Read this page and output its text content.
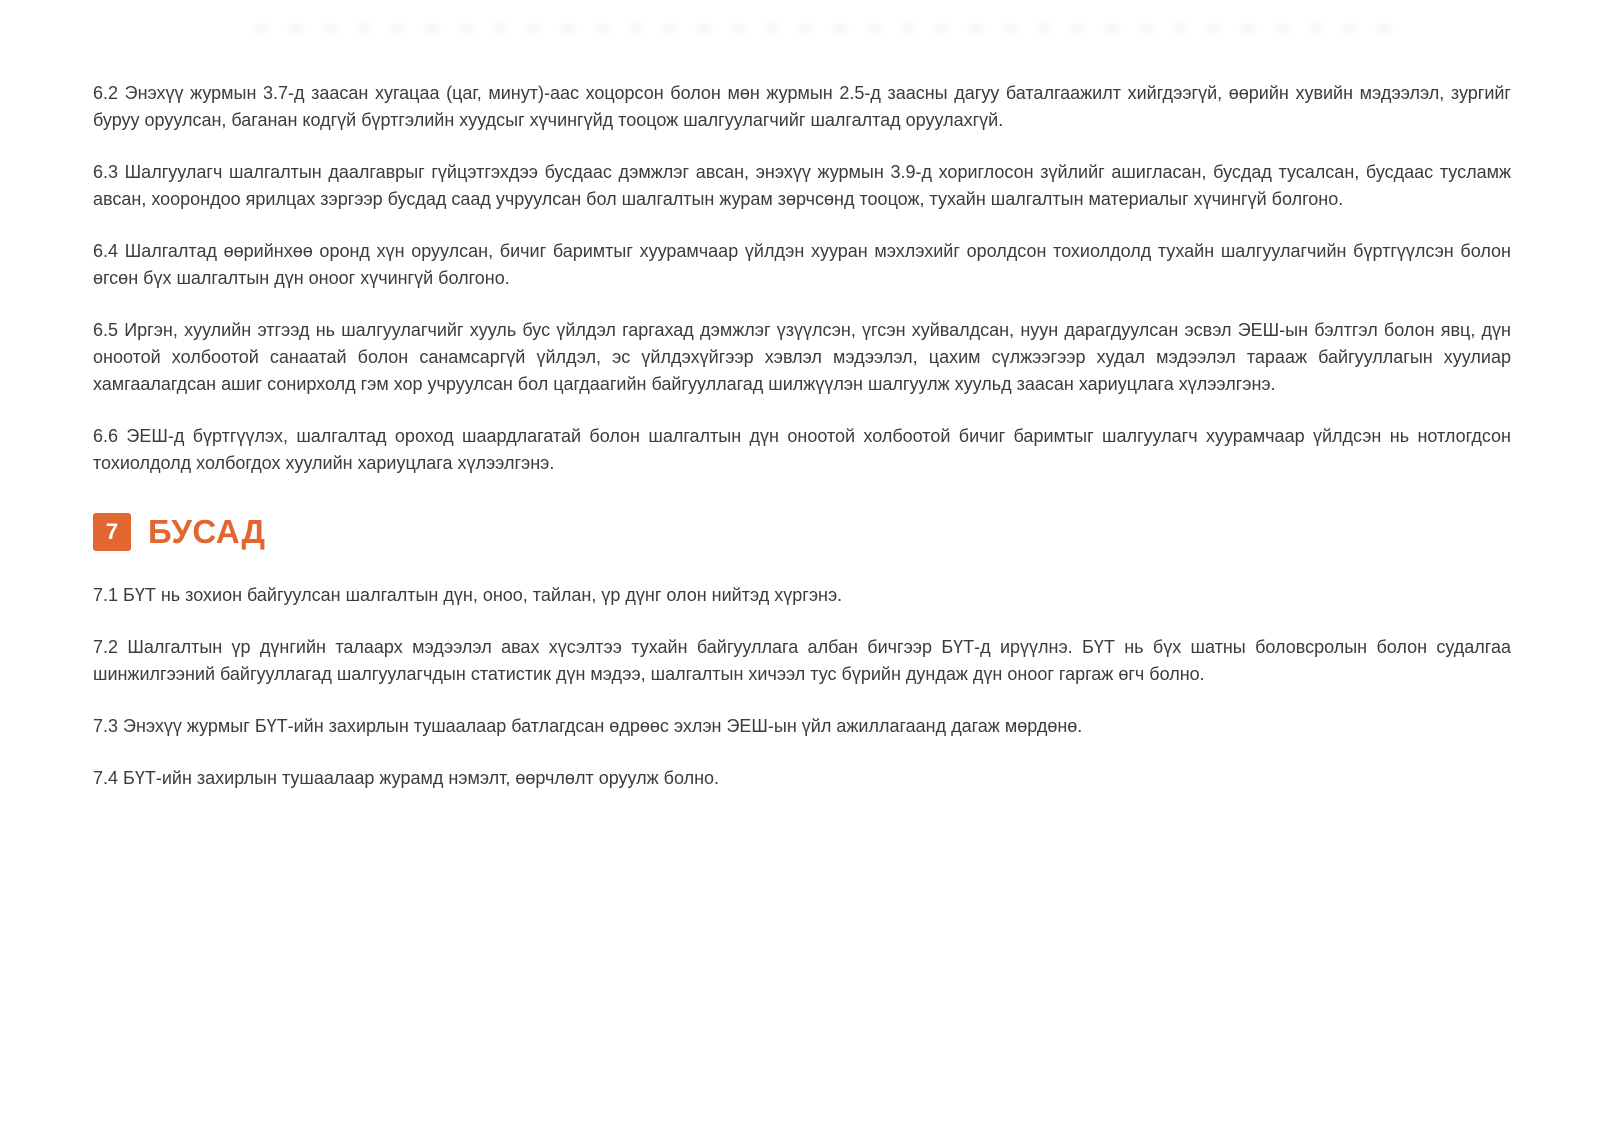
6.2 Энэхүү журмын 3.7-д заасан хугацаа (цаг, минут)-аас хоцорсон болон мөн журмын 2.5-д заасны дагуу баталгаажилт хийгдээгүй, өөрийн хувийн мэдээлэл, зургийг буруу оруулсан, баганан кодгүй бүртгэлийн хуудсыг хүчингүйд тооцож шалгуулагчийг шалгалтад оруулахгүй.

6.3 Шалгуулагч шалгалтын даалгаврыг гүйцэтгэхдээ бусдаас дэмжлэг авсан, энэхүү журмын 3.9-д хориглосон зүйлийг ашигласан, бусдад тусалсан, бусдаас тусламж авсан, хоорондоо ярилцах зэргээр бусдад саад учруулсан бол шалгалтын журам зөрчсөнд тооцож, тухайн шалгалтын материалыг хүчингүй болгоно.

6.4 Шалгалтад өөрийнхөө оронд хүн оруулсан, бичиг баримтыг хуурамчаар үйлдэн хууран мэхлэхийг оролдсон тохиолдолд тухайн шалгуулагчийн бүртгүүлсэн болон өгсөн бүх шалгалтын дүн оноог хүчингүй болгоно.

6.5 Иргэн, хуулийн этгээд нь шалгуулагчийг хууль бус үйлдэл гаргахад дэмжлэг үзүүлсэн, үгсэн хуйвалдсан, нуун дарагдуулсан эсвэл ЭЕШ-ын бэлтгэл болон явц, дүн оноотой холбоотой санаатай болон санамсаргүй үйлдэл, эс үйлдэхүйгээр хэвлэл мэдээлэл, цахим сүлжээгээр худал мэдээлэл тарааж байгууллагын хуулиар хамгаалагдсан ашиг сонирхолд гэм хор учруулсан бол цагдаагийн байгууллагад шилжүүлэн шалгуулж хуульд заасан хариуцлага хүлээлгэнэ.

6.6 ЭЕШ-д бүртгүүлэх, шалгалтад ороход шаардлагатай болон шалгалтын дүн оноотой холбоотой бичиг баримтыг шалгуулагч хуурамчаар үйлдсэн нь нотлогдсон тохиолдолд холбогдох хуулийн хариуцлага хүлээлгэнэ.

7 БУСАД

7.1 БҮТ нь зохион байгуулсан шалгалтын дүн, оноо, тайлан, үр дүнг олон нийтэд хүргэнэ.

7.2 Шалгалтын үр дүнгийн талаарх мэдээлэл авах хүсэлтээ тухайн байгууллага албан бичгээр БҮТ-д ирүүлнэ. БҮТ нь бүх шатны боловсролын болон судалгаа шинжилгээний байгууллагад шалгуулагчдын статистик дүн мэдээ, шалгалтын хичээл тус бүрийн дундаж дүн оноог гаргаж өгч болно.

7.3 Энэхүү журмыг БҮТ-ийн захирлын тушаалаар батлагдсан өдрөөс эхлэн ЭЕШ-ын үйл ажиллагаанд дагаж мөрдөнө.

7.4 БҮТ-ийн захирлын тушаалаар журамд нэмэлт, өөрчлөлт оруулж болно.
